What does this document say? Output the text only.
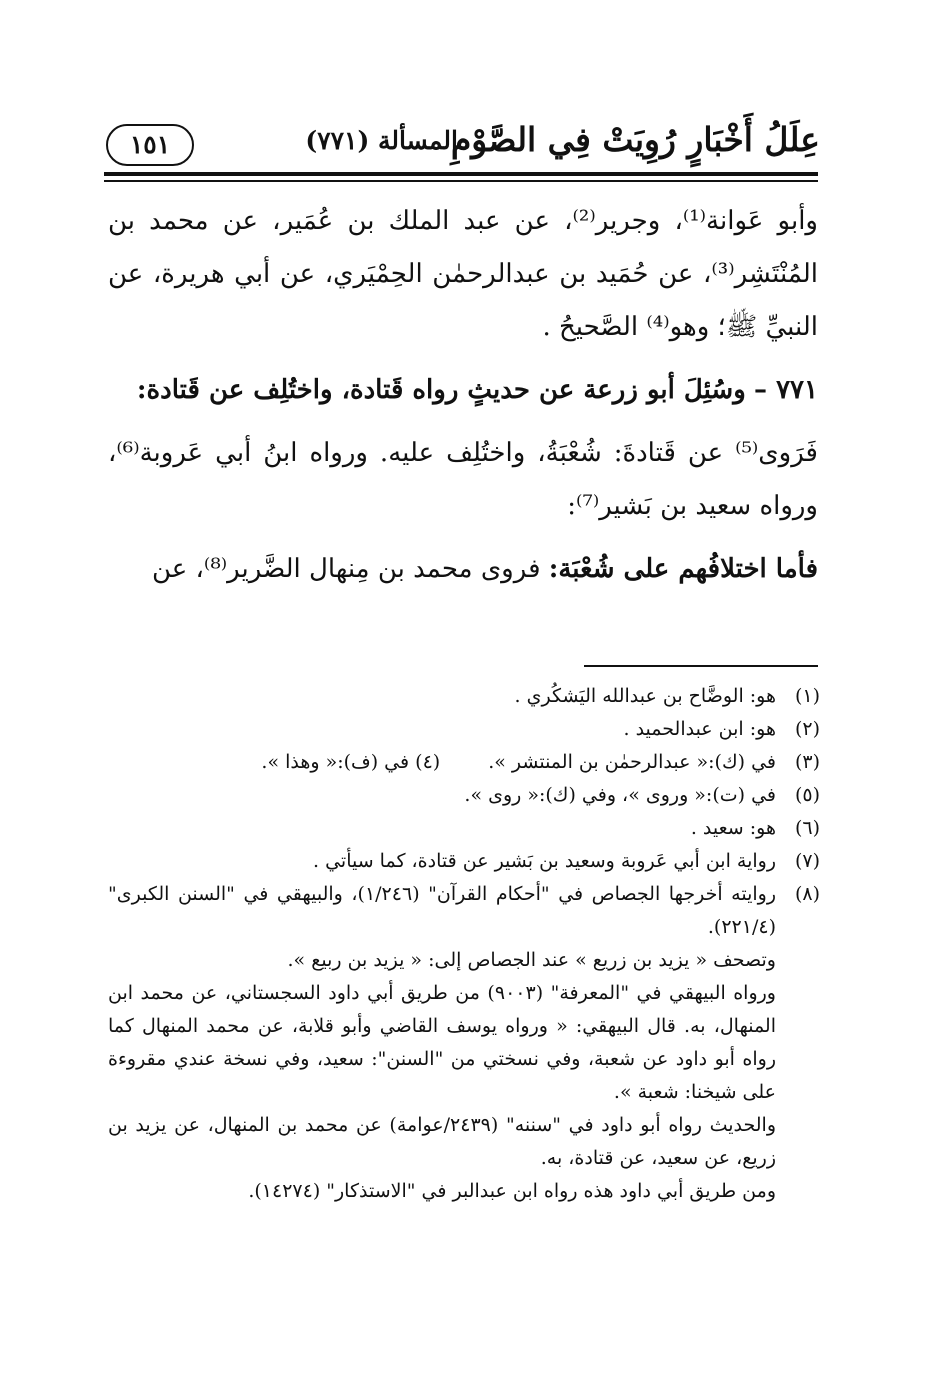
عِلَلُ أَخْبَارٍ رُوِيَتْ فِي الصَّوْمِ
المسألة (٧٧١)
١٥١

وأبو عَوانة⁽¹⁾، وجرير⁽²⁾، عن عبد الملك بن عُمَير، عن محمد بن المُنْتَشِر⁽³⁾، عن حُمَيد بن عبدالرحمٰن الحِمْيَري، عن أبي هريرة، عن النبيِّ ﷺ؛ وهو⁽⁴⁾ الصَّحيحُ .

٧٧١ – وسُئِلَ أبو زرعة عن حديثٍ رواه قَتادة، واختُلِف عن قَتادة:

فَرَوى⁽⁵⁾ عن قَتادةَ: شُعْبَةُ، واختُلِف عليه. ورواه ابنُ أبي عَروبة⁽⁶⁾، ورواه سعيد بن بَشير⁽⁷⁾:

فأما اختلافُهم على شُعْبَة: فروى محمد بن مِنهال الضَّرير⁽⁸⁾، عن

(١)
هو: الوضَّاح بن عبدالله اليَشكُري .
(٢)
هو: ابن عبدالحميد .
(٣)
في (ك):« عبدالرحمٰن بن المنتشر ».(٤) في (ف):« وهذا ».
(٥)
في (ت):« وروى »، وفي (ك):« روى ».
(٦)
هو: سعيد .
(٧)
رواية ابن أبي عَروبة وسعيد بن بَشير عن قتادة، كما سيأتي .
(٨)
روايته أخرجها الجصاص في "أحكام القرآن" (١/٢٤٦)، والبيهقي في "السنن الكبرى" (٢٢١/٤).
وتصحف « يزيد بن زريع » عند الجصاص إلى: « يزيد بن ربيع ».
ورواه البيهقي في "المعرفة" (٩٠٠٣) من طريق أبي داود السجستاني، عن محمد ابن المنهال، به. قال البيهقي: « ورواه يوسف القاضي وأبو قلابة، عن محمد المنهال كما رواه أبو داود عن شعبة، وفي نسختي من "السنن": سعيد، وفي نسخة عندي مقروءة على شيخنا: شعبة ».
والحديث رواه أبو داود في "سننه" (٢٤٣٩/عوامة) عن محمد بن المنهال، عن يزيد بن زريع، عن سعيد، عن قتادة، به.
ومن طريق أبي داود هذه رواه ابن عبدالبر في "الاستذكار" (١٤٢٧٤).
